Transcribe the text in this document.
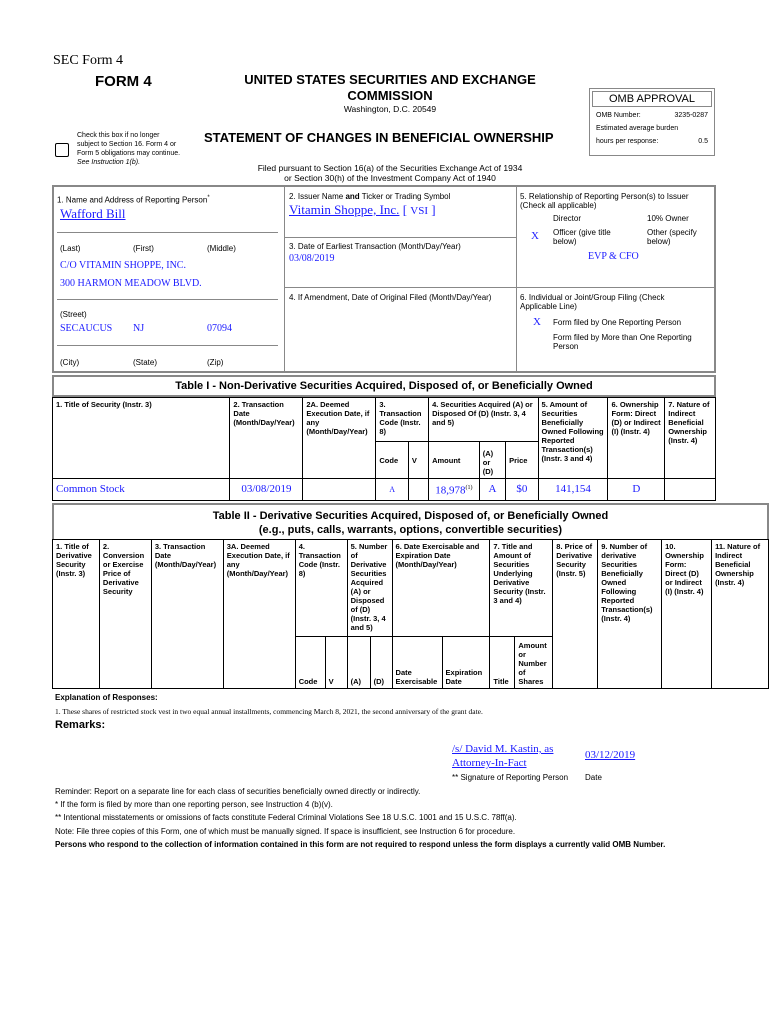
SEC Form 4
FORM 4	UNITED STATES SECURITIES AND EXCHANGE
COMMISSION
Washington, D.C. 20549
Check this box if no longer
subject to Section 16. Form 4 or
Form 5 obligations may continue.
See Instruction 1(b).
STATEMENT OF CHANGES IN BENEFICIAL OWNERSHIP
Filed pursuant to Section 16(a) of the Securities Exchange Act of 1934
or Section 30(h) of the Investment Company Act of 1940
OMB APPROVAL
OMB Number:	3235-0287
Estimated average burden
hours per response:	0.5
1. Name and Address of Reporting Person*
Wafford Bill
(Last)	(First)	(Middle)
C/O VITAMIN SHOPPE, INC.
300 HARMON MEADOW BLVD.
(Street)
SECAUCUS NJ	07094
(City)	(State)	(Zip)
2. Issuer Name and Ticker or Trading Symbol
Vitamin Shoppe, Inc. [ VSI ]
3. Date of Earliest Transaction (Month/Day/Year)
03/08/2019
4. If Amendment, Date of Original Filed (Month/Day/Year)
5. Relationship of Reporting Person(s) to Issuer
(Check all applicable)
Director	10% Owner
X Officer (give title below)
Other (specify below)
EVP & CFO
6. Individual or Joint/Group Filing (Check
Applicable Line)
X Form filed by One Reporting Person
Form filed by More than One Reporting Person
Table I - Non-Derivative Securities Acquired, Disposed of, or Beneficially Owned
1. Title of Security (Instr. 3)	2. Transaction Date (Month/Day/Year)	2A. Deemed Execution Date, if any (Month/Day/Year)	3. Transaction Code (Instr. 8)		4. Securities Acquired (A) or Disposed Of (D) (Instr. 3, 4 and 5)			5. Amount of Securities Beneficially Owned Following Reported Transaction(s) (Instr. 3 and 4)	6. Ownership Form: Direct (D) or Indirect (I) (Instr. 4)	7. Nature of Indirect Beneficial Ownership (Instr. 4)
			Code	V	Amount	(A) or (D)	Price			
Common Stock	03/08/2019		A		18,978$^{(1)}$	A	$0	141,154	D	
Table II - Derivative Securities Acquired, Disposed of, or Beneficially Owned
(e.g., puts, calls, warrants, options, convertible securities)
1. Title of Derivative Security (Instr. 3)	2. Conversion or Exercise Price of Derivative Security	3. Transaction Date (Month/Day/Year)	3A. Deemed Execution Date, if any (Month/Day/Year)	4. Transaction Code (Instr. 8)		5. Number of Derivative Securities Acquired (A) or Disposed of (D) (Instr. 3, 4 and 5)		6. Date Exercisable and Expiration Date (Month/Day/Year)		7. Title and Amount of Securities Underlying Derivative Security (Instr. 3 and 4)		8. Price of Derivative Security (Instr. 5)	9. Number of derivative Securities Beneficially Owned Following Reported Transaction(s) (Instr. 4)	10. Ownership Form: Direct (D) or Indirect (I) (Instr. 4)	11. Nature of Indirect Beneficial Ownership (Instr. 4)
				Code	V	(A)	(D)	Date Exercisable	Expiration Date	Title	Amount or Number of Shares				
Explanation of Responses:
1. These shares of restricted stock vest in two equal annual installments, commencing March 8, 2021, the second anniversary of the grant date.
Remarks:
/s/ David M. Kastin, as
Attorney-In-Fact
03/12/2019
** Signature of Reporting Person Date
Reminder: Report on a separate line for each class of securities beneficially owned directly or indirectly.
* If the form is filed by more than one reporting person, see Instruction 4 (b)(v).
** Intentional misstatements or omissions of facts constitute Federal Criminal Violations See 18 U.S.C. 1001 and 15 U.S.C. 78ff(a).
Note: File three copies of this Form, one of which must be manually signed. If space is insufficient, see Instruction 6 for procedure.
Persons who respond to the collection of information contained in this form are not required to respond unless the form displays a currently valid OMB Number.
